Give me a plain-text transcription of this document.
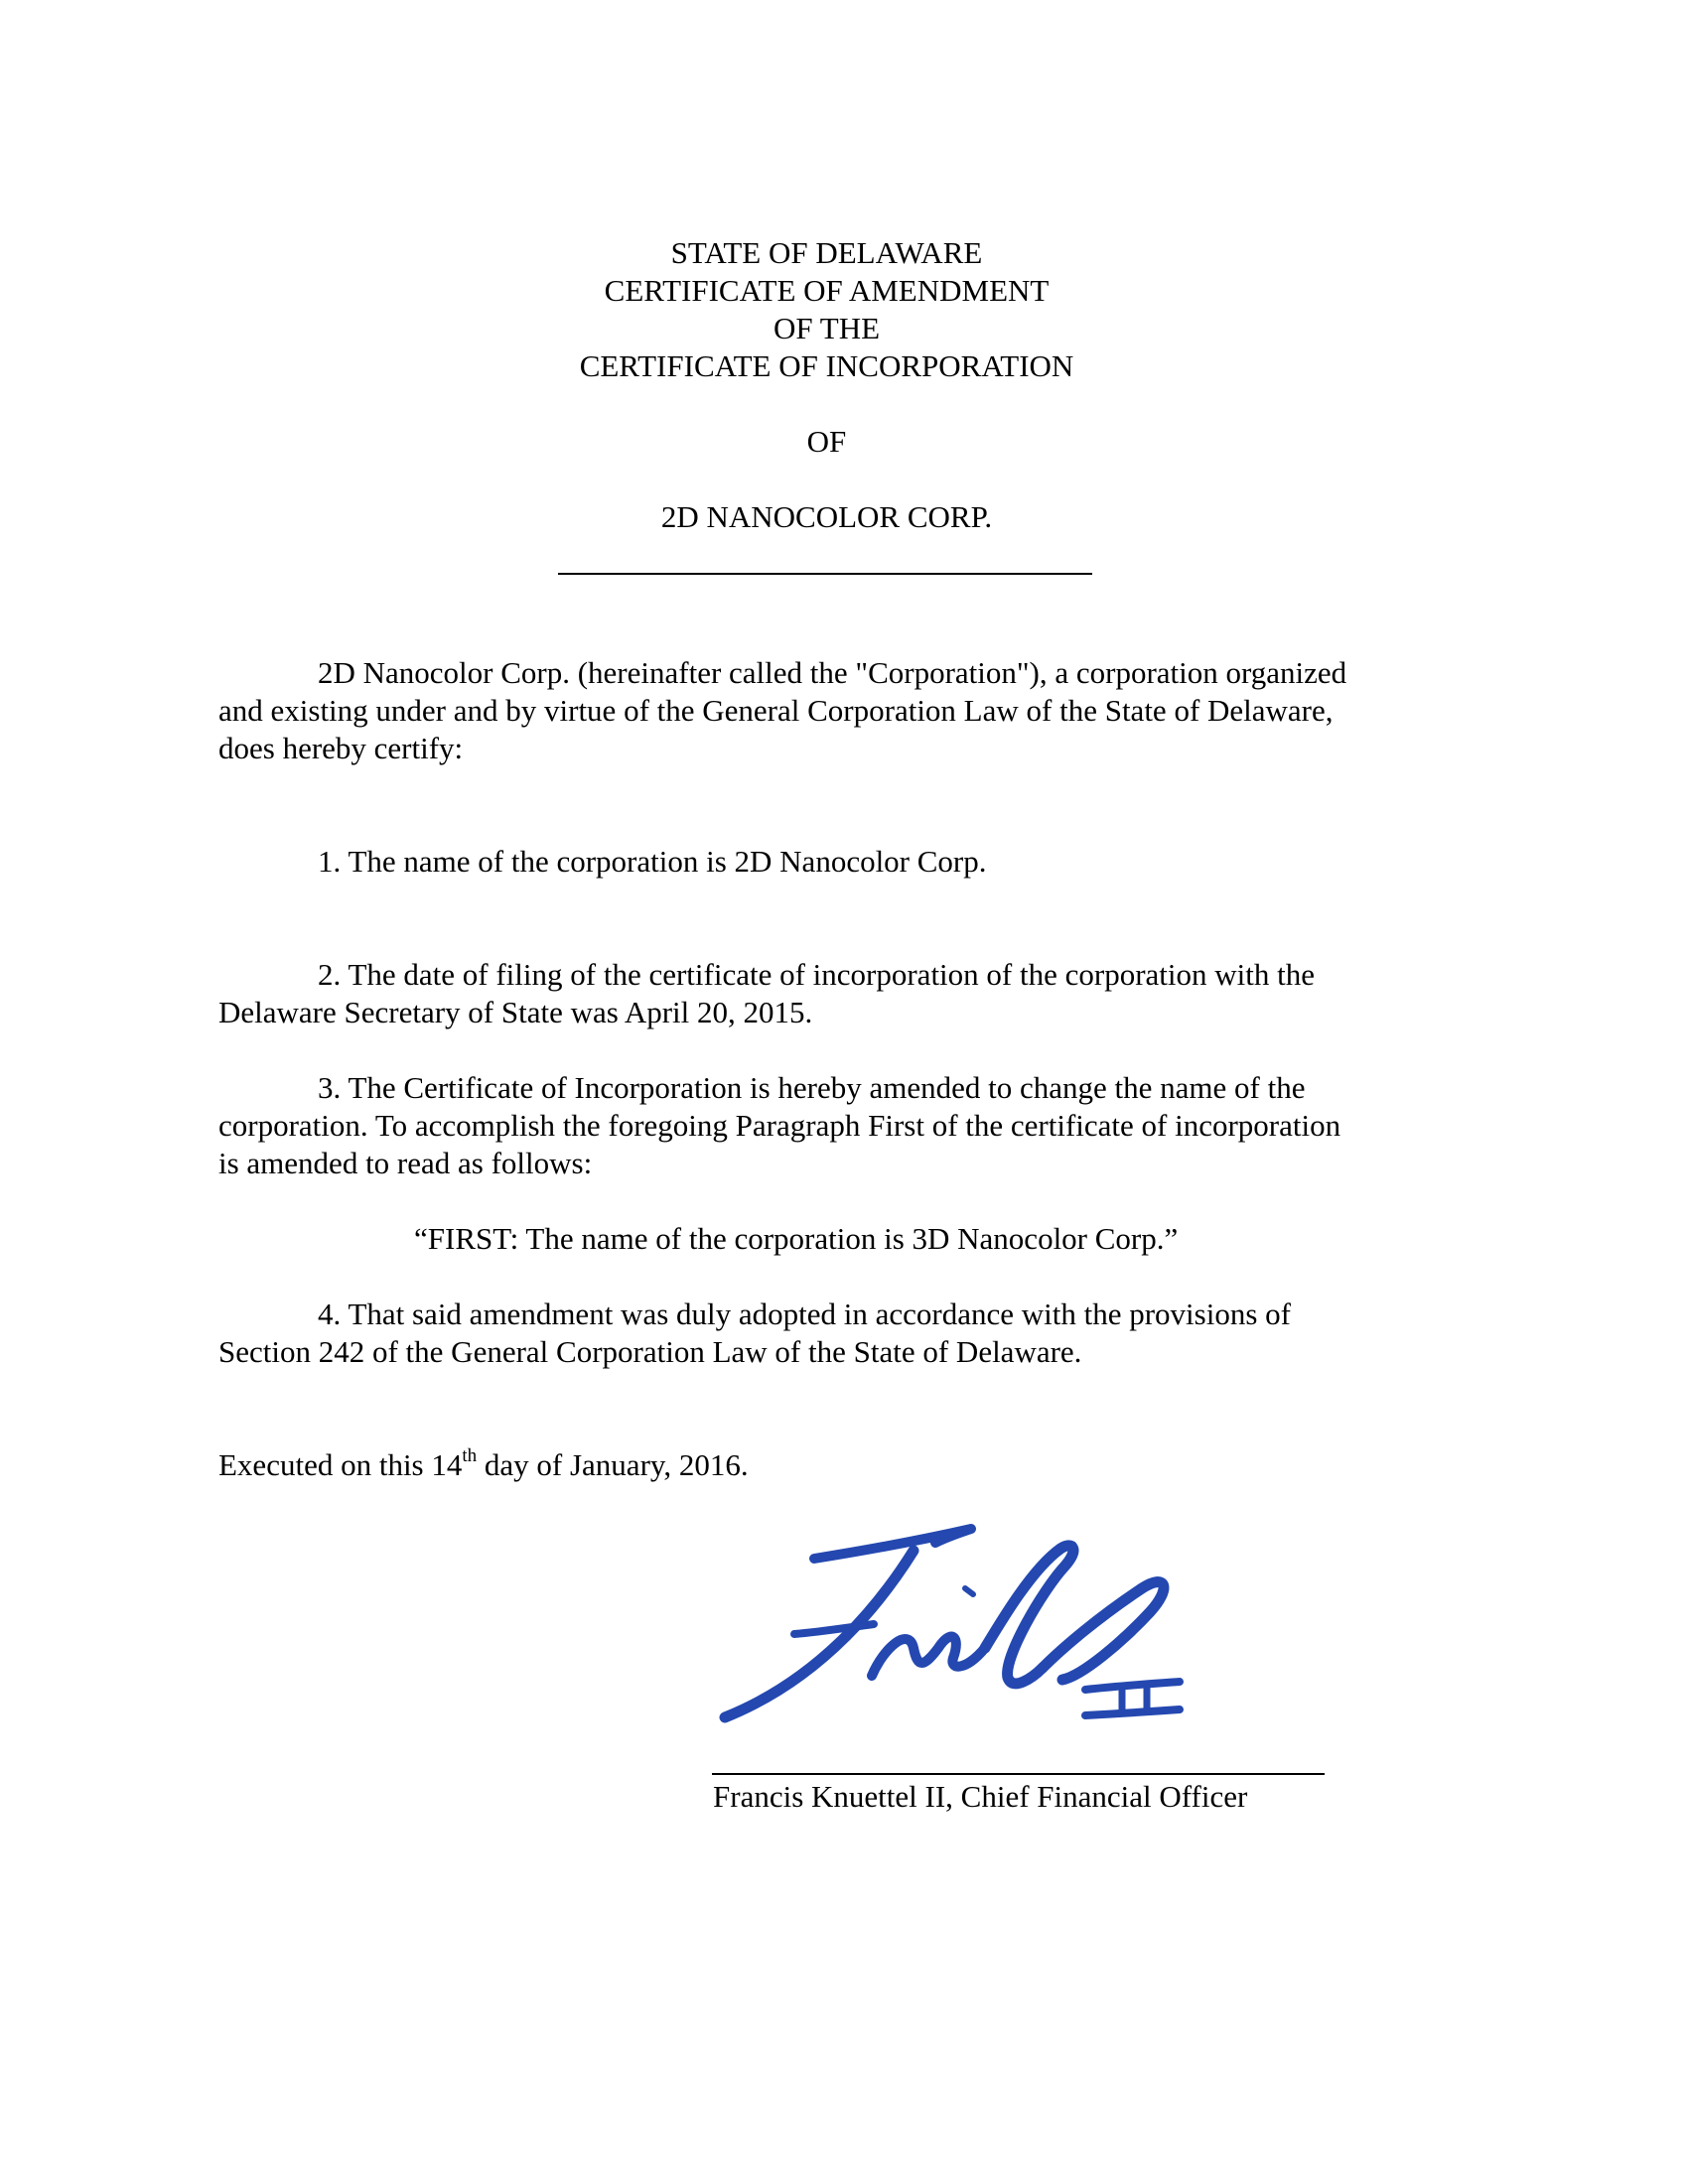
STATE OF DELAWARE

CERTIFICATE OF AMENDMENT

OF THE

CERTIFICATE OF INCORPORATION

OF

2D NANOCOLOR CORP.

2D Nanocolor Corp. (hereinafter called the "Corporation"), a corporation organized

and existing under and by virtue of the General Corporation Law of the State of Delaware,

does hereby certify:

1. The name of the corporation is 2D Nanocolor Corp.

2. The date of filing of the certificate of incorporation of the corporation with the

Delaware Secretary of State was April 20, 2015.

3. The Certificate of Incorporation is hereby amended to change the name of the

corporation. To accomplish the foregoing Paragraph First of the certificate of incorporation

is amended to read as follows:

“FIRST: The name of the corporation is 3D Nanocolor Corp.”

4. That said amendment was duly adopted in accordance with the provisions of

Section 242 of the General Corporation Law of the State of Delaware.

Executed on this 14th day of January, 2016.

Francis Knuettel II, Chief Financial Officer
